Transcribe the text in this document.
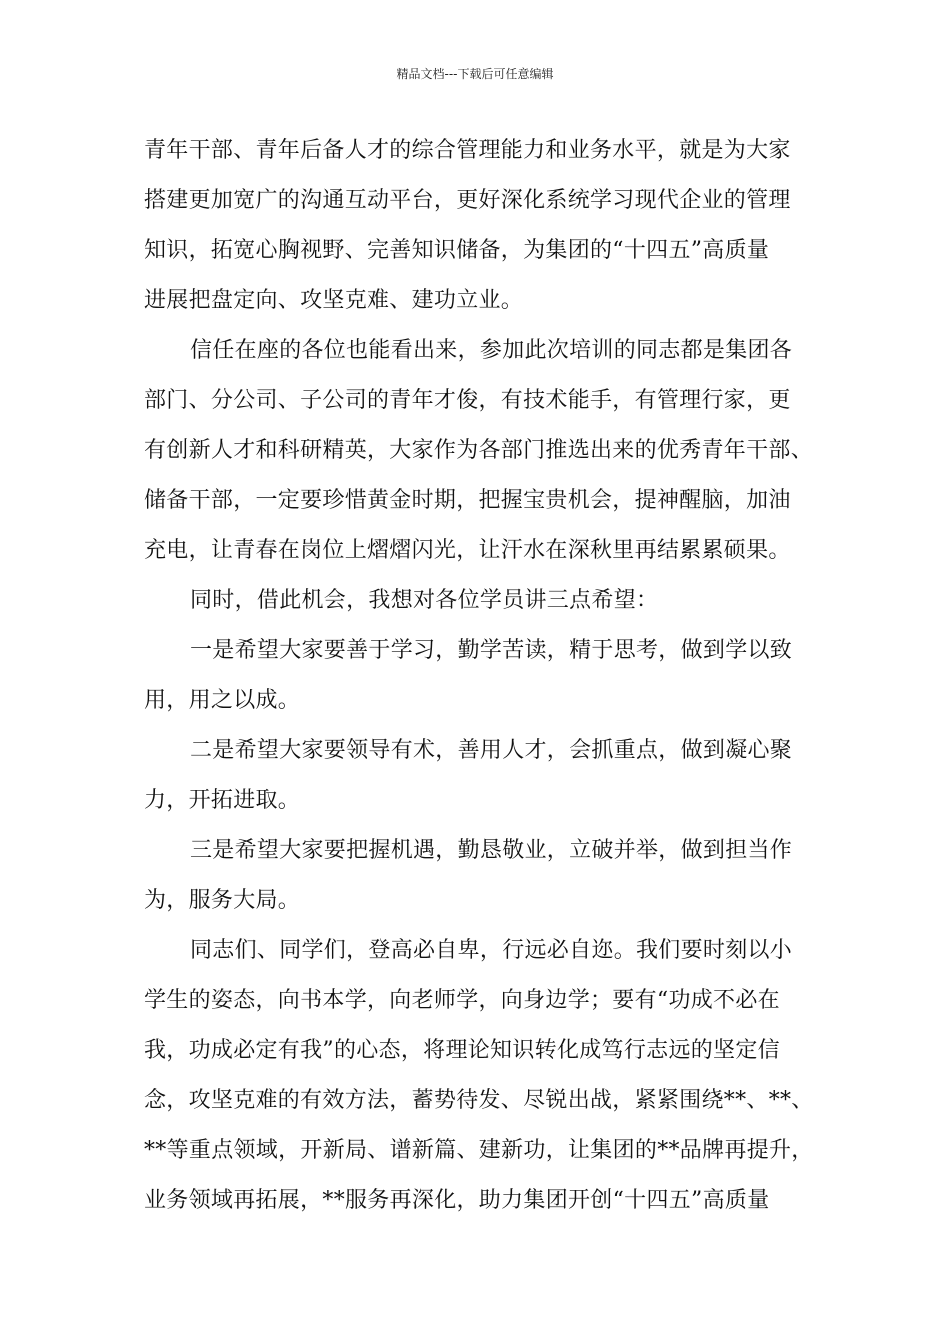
精品文档---下载后可任意编辑
青年干部、青年后备人才的综合管理能力和业务水平，就是为大家
搭建更加宽广的沟通互动平台，更好深化系统学习现代企业的管理
知识，拓宽心胸视野、完善知识储备，为集团的“十四五”高质量
进展把盘定向、攻坚克难、建功立业。
信任在座的各位也能看出来，参加此次培训的同志都是集团各
部门、分公司、子公司的青年才俊，有技术能手，有管理行家，更
有创新人才和科研精英，大家作为各部门推选出来的优秀青年干部、
储备干部，一定要珍惜黄金时期，把握宝贵机会，提神醒脑，加油
充电，让青春在岗位上熠熠闪光，让汗水在深秋里再结累累硕果。
同时，借此机会，我想对各位学员讲三点希望：
一是希望大家要善于学习，勤学苦读，精于思考，做到学以致
用，用之以成。
二是希望大家要领导有术，善用人才，会抓重点，做到凝心聚
力，开拓进取。
三是希望大家要把握机遇，勤恳敬业，立破并举，做到担当作
为，服务大局。
同志们、同学们，登高必自卑，行远必自迩。我们要时刻以小
学生的姿态，向书本学，向老师学，向身边学；要有“功成不必在
我，功成必定有我”的心态，将理论知识转化成笃行志远的坚定信
念，攻坚克难的有效方法，蓄势待发、尽锐出战，紧紧围绕**、**、
**等重点领域，开新局、谱新篇、建新功，让集团的**品牌再提升，
业务领域再拓展，**服务再深化，助力集团开创“十四五”高质量
